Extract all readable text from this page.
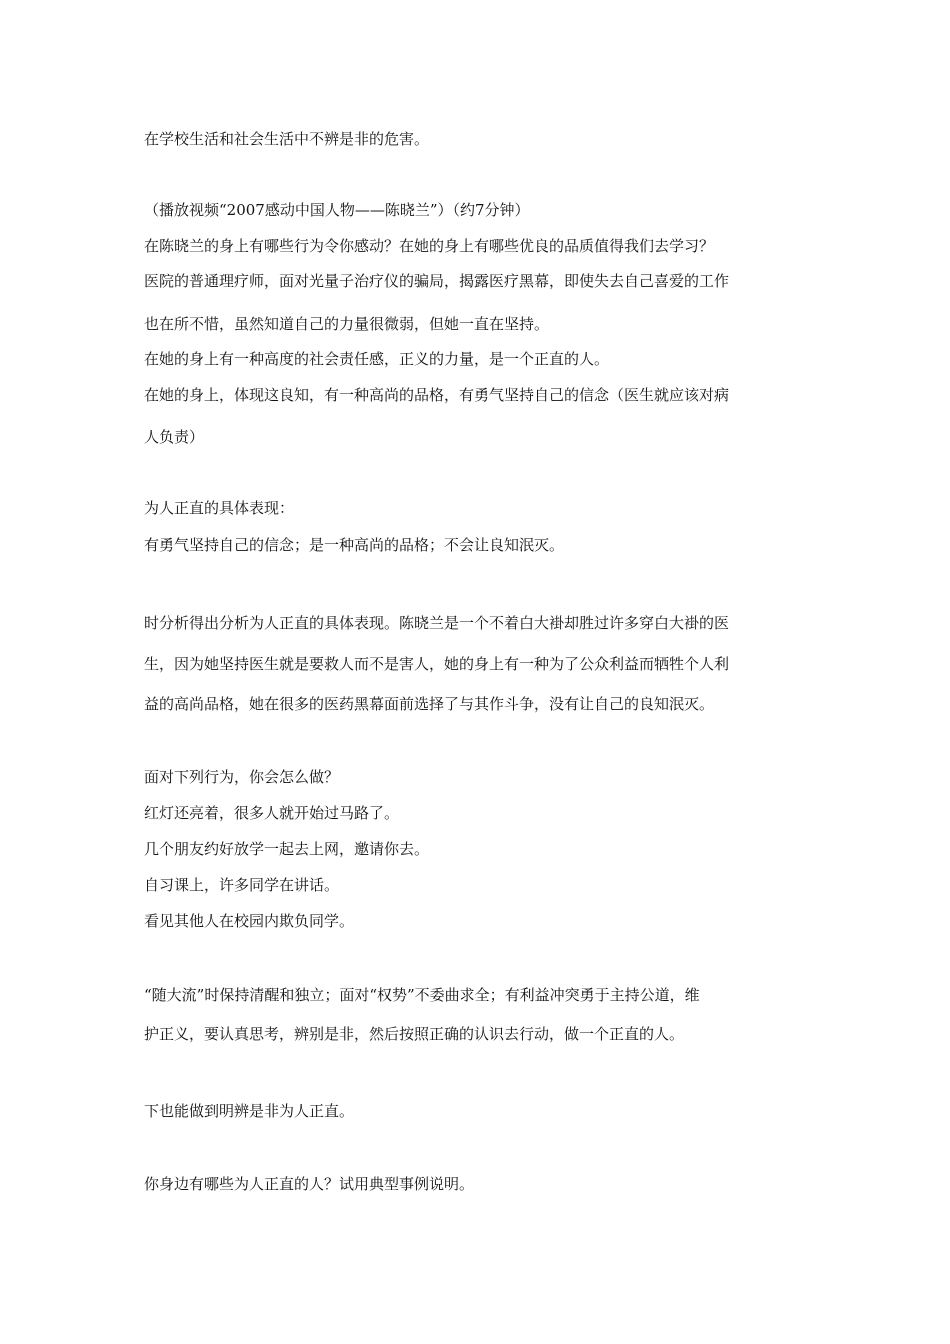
在学校生活和社会生活中不辨是非的危害。
（播放视频“2007感动中国人物——陈晓兰”）（约7分钟）
在陈晓兰的身上有哪些行为令你感动？在她的身上有哪些优良的品质值得我们去学习？
医院的普通理疗师，面对光量子治疗仪的骗局，揭露医疗黑幕，即使失去自己喜爱的工作
也在所不惜，虽然知道自己的力量很微弱，但她一直在坚持。
在她的身上有一种高度的社会责任感，正义的力量，是一个正直的人。
在她的身上，体现这良知，有一种高尚的品格，有勇气坚持自己的信念（医生就应该对病
人负责）
为人正直的具体表现：
有勇气坚持自己的信念；是一种高尚的品格；不会让良知泯灭。
时分析得出分析为人正直的具体表现。陈晓兰是一个不着白大褂却胜过许多穿白大褂的医
生，因为她坚持医生就是要救人而不是害人，她的身上有一种为了公众利益而牺牲个人利
益的高尚品格，她在很多的医药黑幕面前选择了与其作斗争，没有让自己的良知泯灭。
面对下列行为，你会怎么做？
红灯还亮着，很多人就开始过马路了。
几个朋友约好放学一起去上网，邀请你去。
自习课上，许多同学在讲话。
看见其他人在校园内欺负同学。
“随大流”时保持清醒和独立；面对“权势”不委曲求全；有利益冲突勇于主持公道，维
护正义，要认真思考，辨别是非，然后按照正确的认识去行动，做一个正直的人。
下也能做到明辨是非为人正直。
你身边有哪些为人正直的人？试用典型事例说明。
